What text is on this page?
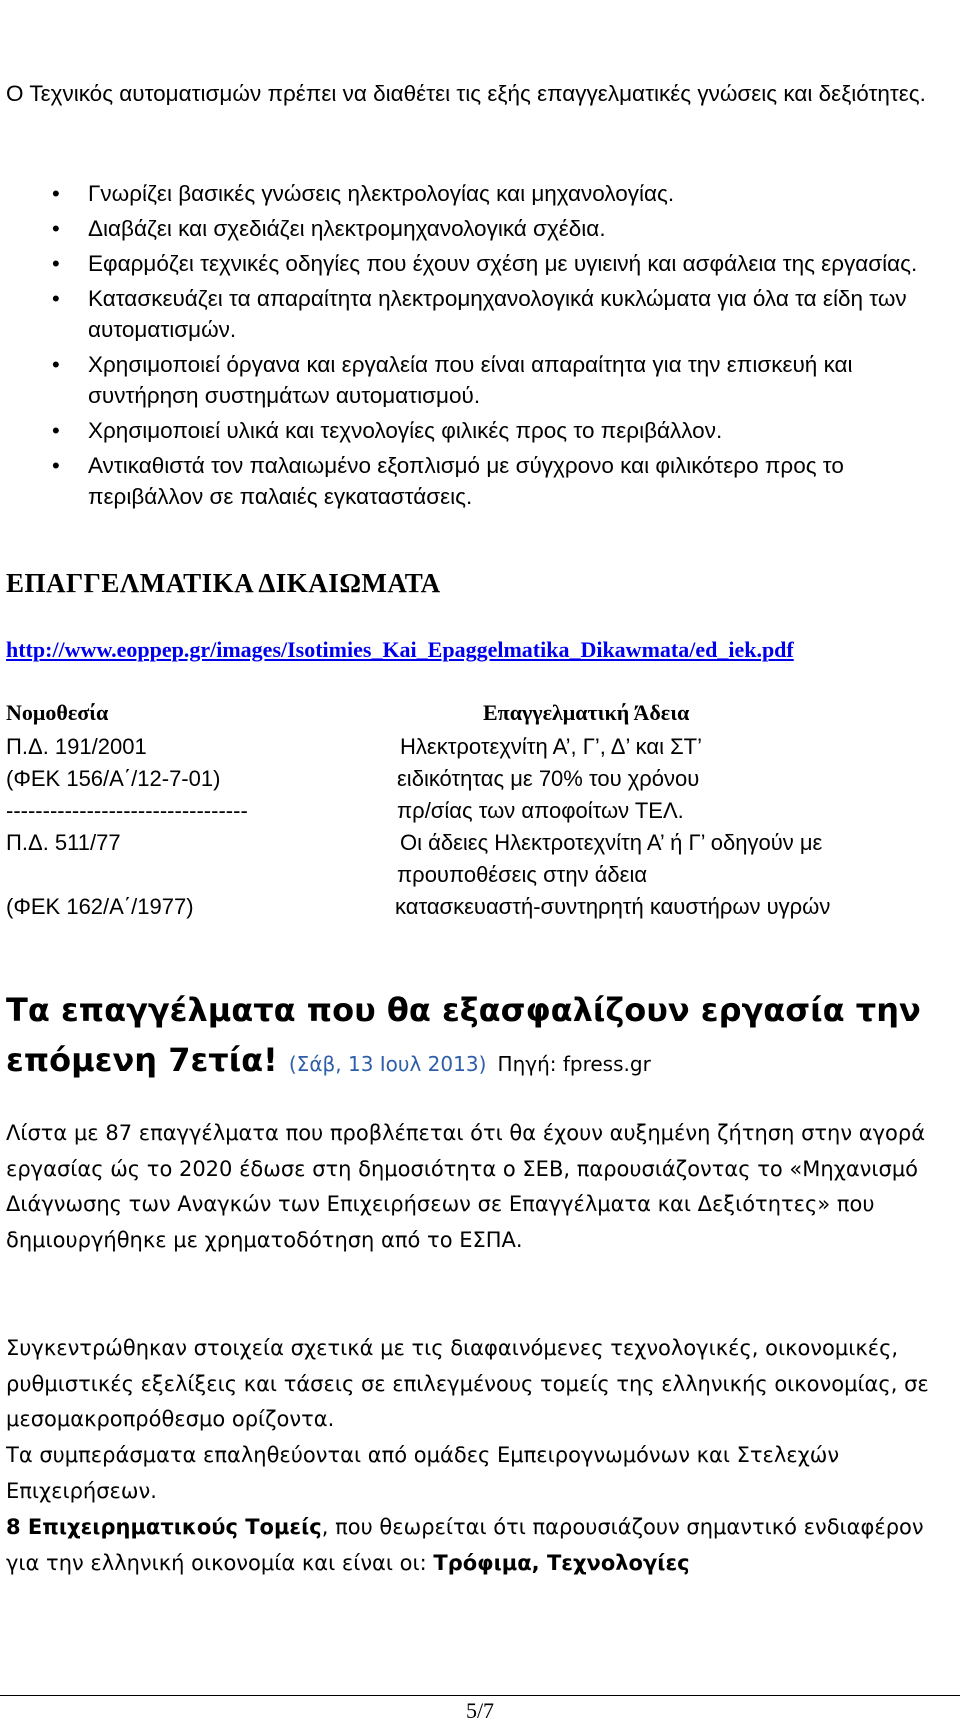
Ο Τεχνικός αυτοματισμών πρέπει να διαθέτει τις εξής επαγγελματικές γνώσεις και δεξιότητες.
• Γνωρίζει βασικές γνώσεις ηλεκτρολογίας και μηχανολογίας.
• Διαβάζει και σχεδιάζει ηλεκτρομηχανολογικά σχέδια.
• Εφαρμόζει τεχνικές οδηγίες που έχουν σχέση με υγιεινή και ασφάλεια της εργασίας.
• Κατασκευάζει τα απαραίτητα ηλεκτρομηχανολογικά κυκλώματα για όλα τα είδη των αυτοματισμών.
• Χρησιμοποιεί όργανα και εργαλεία που είναι απαραίτητα για την επισκευή και συντήρηση συστημάτων αυτοματισμού.
• Χρησιμοποιεί υλικά και τεχνολογίες φιλικές προς το περιβάλλον.
• Αντικαθιστά τον παλαιωμένο εξοπλισμό με σύγχρονο και φιλικότερο προς το περιβάλλον σε παλαιές εγκαταστάσεις.
ΕΠΑΓΓΕΛΜΑΤΙΚΑ ΔΙΚΑΙΩΜΑΤΑ
http://www.eoppep.gr/images/Isotimies_Kai_Epaggelmatika_Dikawmata/ed_iek.pdf
Νομοθεσία	Επαγγελματική Άδεια
Π.Δ. 191/2001
(ΦΕΚ 156/Α΄/12-7-01)
---------------------------------
Π.Δ. 511/77
(ΦΕΚ 162/Α΄/1977)
Ηλεκτροτεχνίτη Α’, Γ’, Δ’ και ΣΤ’
ειδικότητας με 70% του χρόνου
πρ/σίας των αποφοίτων ΤΕΛ.
Οι άδειες Ηλεκτροτεχνίτη Α’ ή Γ’ οδηγούν με
προυποθέσεις στην άδεια
κατασκευαστή-συντηρητή καυστήρων υγρών
Τα επαγγέλματα που θα εξασφαλίζουν εργασία την επόμενη 7ετία! (Σάβ, 13 Ιουλ 2013) Πηγή: fpress.gr
Λίστα με 87 επαγγέλματα που προβλέπεται ότι θα έχουν αυξημένη ζήτηση στην αγορά εργασίας ώς το 2020 έδωσε στη δημοσιότητα ο ΣΕΒ, παρουσιάζοντας το «Μηχανισμό Διάγνωσης των Αναγκών των Επιχειρήσεων σε Επαγγέλματα και Δεξιότητες» που δημιουργήθηκε με χρηματοδότηση από το ΕΣΠΑ.
Συγκεντρώθηκαν στοιχεία σχετικά με τις διαφαινόμενες τεχνολογικές, οικονομικές, ρυθμιστικές εξελίξεις και τάσεις σε επιλεγμένους τομείς της ελληνικής οικονομίας, σε μεσομακροπρόθεσμο ορίζοντα.
Τα συμπεράσματα επαληθεύονται από ομάδες Εμπειρογνωμόνων και Στελεχών Επιχειρήσεων.
8 Επιχειρηματικούς Τομείς, που θεωρείται ότι παρουσιάζουν σημαντικό ενδιαφέρον για την ελληνική οικονομία και είναι οι: Τρόφιμα, Τεχνολογίες
5/7
